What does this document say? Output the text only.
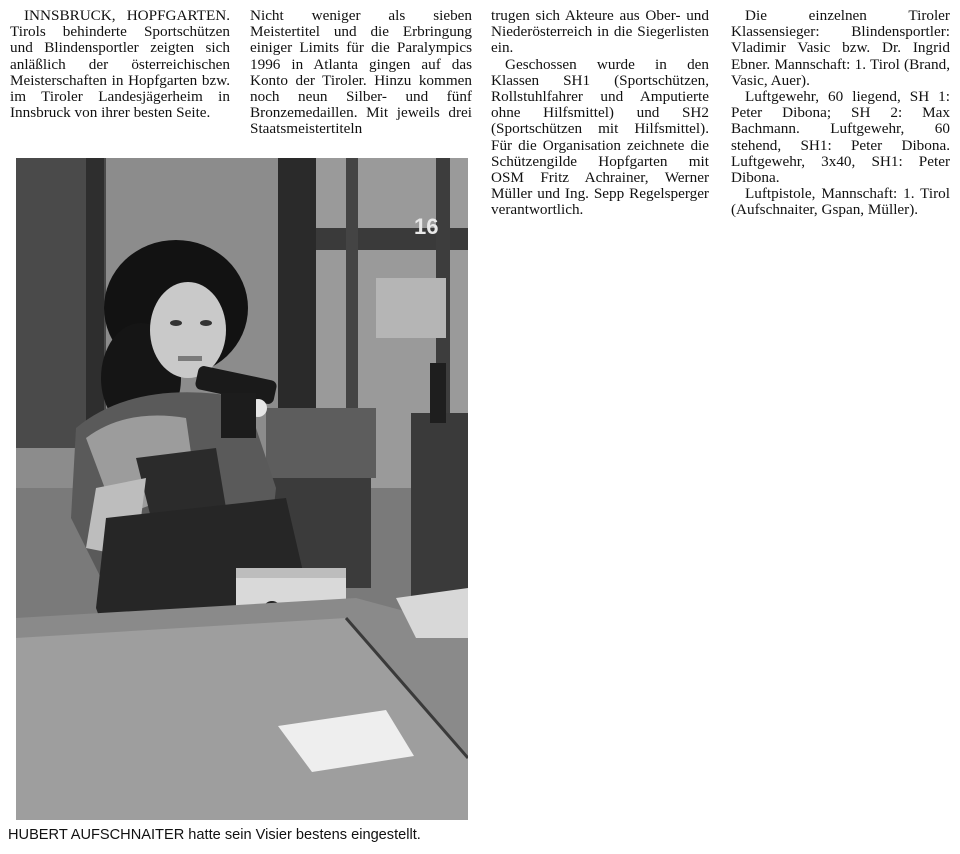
INNSBRUCK, HOPFGARTEN. Tirols behinderte Sportschützen und Blindensportler zeigten sich anläßlich der österreichischen Meisterschaften in Hopfgarten bzw. im Tiroler Landesjägerheim in Innsbruck von ihrer besten Seite.

Nicht weniger als sieben Meistertitel und die Erbringung einiger Limits für die Paralympics 1996 in Atlanta gingen auf das Konto der Tiroler. Hinzu kommen noch neun Silber- und fünf Bronzemedaillen. Mit jeweils drei Staatsmeistertiteln

trugen sich Akteure aus Ober- und Niederösterreich in die Siegerlisten ein.

Geschossen wurde in den Klassen SH1 (Sportschützen, Rollstuhlfahrer und Amputierte ohne Hilfsmittel) und SH2 (Sportschützen mit Hilfsmittel). Für die Organisation zeichnete die Schützengilde Hopfgarten mit OSM Fritz Achrainer, Werner Müller und Ing. Sepp Regelsperger verantwortlich.

Die einzelnen Tiroler Klassensieger: Blindensportler: Vladimir Vasic bzw. Dr. Ingrid Ebner. Mannschaft: 1. Tirol (Brand, Vasic, Auer).

Luftgewehr, 60 liegend, SH 1: Peter Dibona; SH 2: Max Bachmann. Luftgewehr, 60 stehend, SH1: Peter Dibona. Luftgewehr, 3x40, SH1: Peter Dibona.

Luftpistole, Mannschaft: 1. Tirol (Aufschnaiter, Gspan, Müller).

16
HUBERT AUFSCHNAITER hatte sein Visier bestens eingestellt.
